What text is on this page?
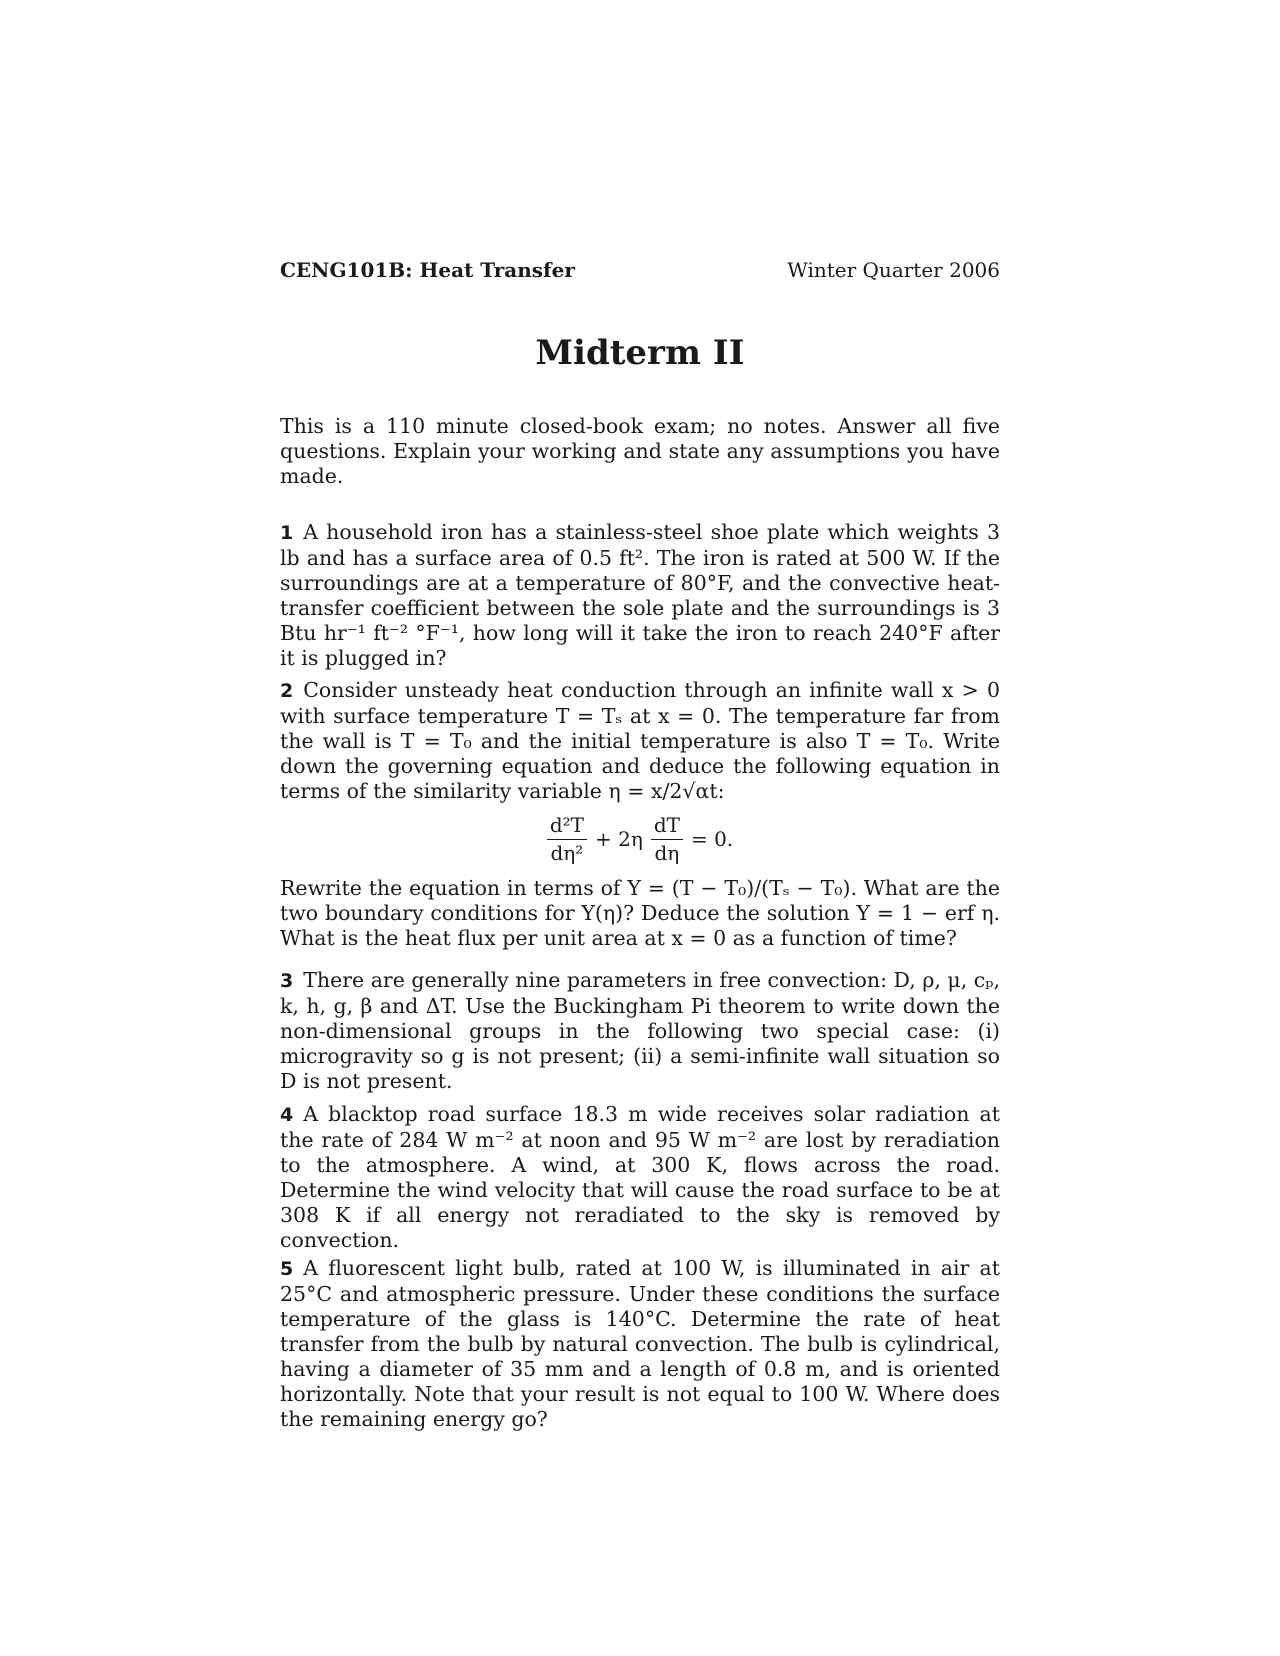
CENG101B: Heat Transfer	Winter Quarter 2006
Midterm II

This is a 110 minute closed-book exam; no notes. Answer all five questions. Explain your working and state any assumptions you have made.

1 A household iron has a stainless-steel shoe plate which weights 3 lb and has a surface area of 0.5 ft². The iron is rated at 500 W. If the surroundings are at a temperature of 80°F, and the convective heat-transfer coefficient between the sole plate and the surroundings is 3 Btu hr⁻¹ ft⁻² °F⁻¹, how long will it take the iron to reach 240°F after it is plugged in?
2 Consider unsteady heat conduction through an infinite wall x > 0 with surface temperature T = Tₛ at x = 0. The temperature far from the wall is T = T₀ and the initial temperature is also T = T₀. Write down the governing equation and deduce the following equation in terms of the similarity variable η = x/2√αt:
$\frac{\text{d²T}}{\text{dη²}} + 2\eta \frac{dT}{d\eta} = 0$.
Rewrite the equation in terms of Y = (T − T₀)/(Tₛ − T₀). What are the two boundary conditions for Y(η)? Deduce the solution Y = 1 − erf η. What is the heat flux per unit area at x = 0 as a function of time?
3 There are generally nine parameters in free convection: D, ρ, μ, cₚ, k, h, g, β and ΔT. Use the Buckingham Pi theorem to write down the non-dimensional groups in the following two special case: (i) microgravity so g is not present; (ii) a semi-infinite wall situation so D is not present.
4 A blacktop road surface 18.3 m wide receives solar radiation at the rate of 284 W m⁻² at noon and 95 W m⁻² are lost by reradiation to the atmosphere. A wind, at 300 K, flows across the road. Determine the wind velocity that will cause the road surface to be at 308 K if all energy not reradiated to the sky is removed by convection.
5 A fluorescent light bulb, rated at 100 W, is illuminated in air at 25°C and atmospheric pressure. Under these conditions the surface temperature of the glass is 140°C. Determine the rate of heat transfer from the bulb by natural convection. The bulb is cylindrical, having a diameter of 35 mm and a length of 0.8 m, and is oriented horizontally. Note that your result is not equal to 100 W. Where does the remaining energy go?
